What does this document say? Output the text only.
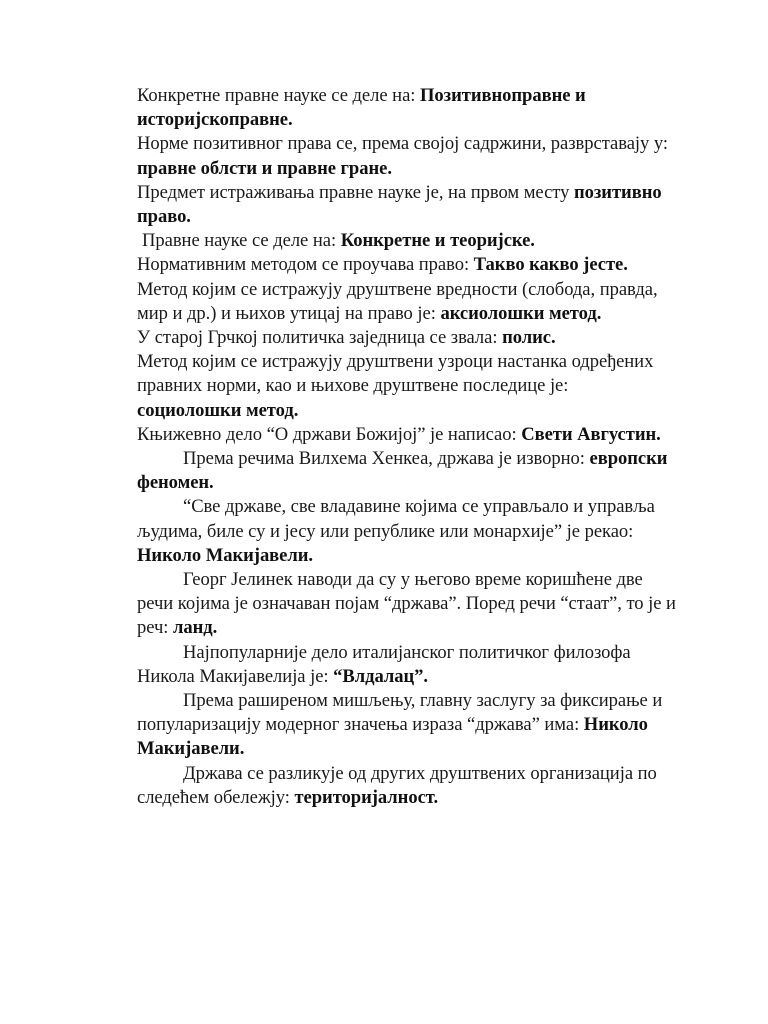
Конкретне правне науке се деле на: Позитивноправне и историјскоправне.

Норме позитивног права се, према својој садржини, разврставају у: правне облсти и правне гране.

Предмет истраживања правне науке је, на првом месту позитивно право.

Правне науке се деле на: Конкретне и теоријске.

Нормативним методом се проучава право: Такво какво јесте.

Метод којим се истражују друштвене вредности (слобода, правда, мир и др.) и њихов утицај на право је: аксиолошки метод.

У старој Грчкој политичка заједница се звала: полис.

Метод којим се истражују друштвени узроци настанка одређених правних норми, као и њихове друштвене последице је: социолошки метод.

Књижевно дело “О држави Божијој” је написао: Свети Августин.

Према речима Вилхема Хенкеа, држава је изворно: европски феномен.

“Све државе, све владавине којима се управљало и управља људима, биле су и јесу или републике или монархије” је рекао: Николо Макијавели.

Георг Јелинек наводи да су у његово време коришћене две речи којима је означаван појам “држава”. Поред речи “стаат”, то је и реч: ланд.

Најпопуларније дело италијанског политичког филозофа Никола Макијавелија је: “Влдалац”.

Према раширеном мишљењу, главну заслугу за фиксирање и популаризацију модерног значења израза “држава” има: Николо Макијавели.

Држава се разликује од других друштвених организација по следећем обележју: територијалност.
